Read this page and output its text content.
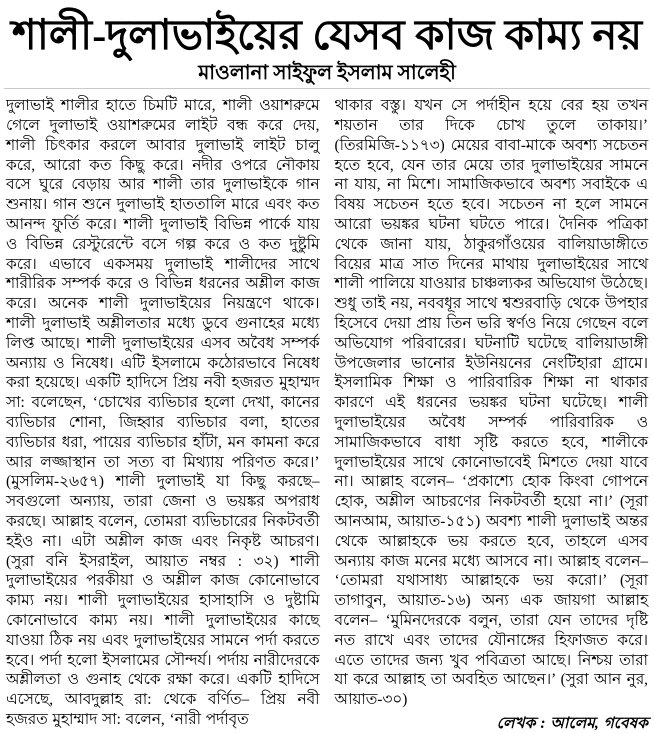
শালী-দুলাভাইয়ের যেসব কাজ কাম্য নয়
মাওলানা সাইফুল ইসলাম সালেহী
দুলাভাই শালীর হাতে চিমটি মারে, শালী ওয়াশরুমে গেলে দুলাভাই ওয়াশরুমের লাইট বন্ধ করে দেয়, শালী চিৎকার করলে আবার দুলাভাই লাইট চালু করে, আরো কত কিছু করে। নদীর ওপরে নৌকায় বসে ঘুরে বেড়ায় আর শালী তার দুলাভাইকে গান শুনায়। গান শুনে দুলাভাই হাততালি মারে এবং কত আনন্দ ফুর্তি করে। শালী দুলাভাই বিভিন্ন পার্কে যায় ও বিভিন্ন রেস্টুরেন্টে বসে গল্প করে ও কত দুষ্টুমি করে। এভাবে একসময় দুলাভাই শালীদের সাথে শারীরিক সম্পর্ক করে ও বিভিন্ন ধরনের অশ্লীল কাজ করে। অনেক শালী দুলাভাইয়ের নিয়ন্ত্রণে থাকে। শালী দুলাভাই অশ্লীলতার মধ্যে ডুবে গুনাহের মধ্যে লিপ্ত আছে। শালী দুলাভাইয়ের এসব অবৈধ সম্পর্ক অন্যায় ও নিষেধ। এটি ইসলামে কঠোরভাবে নিষেধ করা হয়েছে। একটি হাদিসে প্রিয় নবী হজরত মুহাম্মদ সা: বলেছেন, ‘চোখের ব্যভিচার হলো দেখা, কানের ব্যভিচার শোনা, জিহ্বার ব্যভিচার বলা, হাতের ব্যভিচার ধরা, পায়ের ব্যভিচার হাঁটা, মন কামনা করে আর লজ্জাস্থান তা সত্য বা মিথ্যায় পরিণত করে।’ (মুসলিম-২৬৫৭) শালী দুলাভাই যা কিছু করছে– সবগুলো অন্যায়, তারা জেনা ও ভয়ঙ্কর অপরাধ করছে। আল্লাহ বলেন, তোমরা ব্যভিচারের নিকটবর্তী হইও না। এটা অশ্লীল কাজ এবং নিকৃষ্ট আচরণ। (সুরা বনি ইসরাইল, আয়াত নম্বর : ৩২) শালী দুলাভাইয়ের পরকীয়া ও অশ্লীল কাজ কোনোভাবে কাম্য নয়। শালী দুলাভাইয়ের হাসাহাসি ও দুষ্টামি কোনোভাবে কাম্য নয়। শালী দুলাভাইয়ের কাছে যাওয়া ঠিক নয় এবং দুলাভাইয়ের সামনে পর্দা করতে হবে। পর্দা হলো ইসলামের সৌন্দর্য। পর্দায় নারীদেরকে অশ্লীলতা ও গুনাহ থেকে রক্ষা করে। একটি হাদিসে এসেছে, আবদুল্লাহ রা: থেকে বর্ণিত– প্রিয় নবী হজরত মুহাম্মাদ সা: বলেন, ‘নারী পর্দাবৃত
থাকার বস্তু। যখন সে পর্দাহীন হয়ে বের হয় তখন শয়তান তার দিকে চোখ তুলে তাকায়।’ (তিরমিজি-১১৭৩) মেয়ের বাবা-মাকে অবশ্য সচেতন হতে হবে, যেন তার মেয়ে তার দুলাভাইয়ের সামনে না যায়, না মিশে। সামাজিকভাবে অবশ্য সবাইকে এ বিষয় সচেতন হতে হবে। সচেতন না হলে সামনে আরো ভয়ঙ্কর ঘটনা ঘটতে পারে। দৈনিক পত্রিকা থেকে জানা যায়, ঠাকুরগাঁওয়ের বালিয়াডাঙ্গীতে বিয়ের মাত্র সাত দিনের মাথায় দুলাভাইয়ের সাথে শালী পালিয়ে যাওয়ার চাঞ্চল্যকর অভিযোগ উঠেছে। শুধু তাই নয়, নববধূর সাথে শ্বশুরবাড়ি থেকে উপহার হিসেবে দেয়া প্রায় তিন ভরি স্বর্ণও নিয়ে গেছেন বলে অভিযোগ পরিবারের। ঘটনাটি ঘটেছে বালিয়াডাঙ্গী উপজেলার ভানোর ইউনিয়নের নেংটিহারা গ্রামে। ইসলামিক শিক্ষা ও পারিবারিক শিক্ষা না থাকার কারণে এই ধরনের ভয়ঙ্কর ঘটনা ঘটেছে। শালী দুলাভাইয়ের অবৈধ সম্পর্ক পারিবারিক ও সামাজিকভাবে বাধা সৃষ্টি করতে হবে, শালীকে দুলাভাইয়ের সাথে কোনোভাবেই মিশতে দেয়া যাবে না। আল্লাহ বলেন– ‘প্রকাশ্যে হোক কিংবা গোপনে হোক, অশ্লীল আচরণের নিকটবর্তী হয়ো না।’ (সূরা আনআম, আয়াত-১৫১) অবশ্য শালী দুলাভাই অন্তর থেকে আল্লাহকে ভয় করতে হবে, তাহলে এসব অন্যায় কাজ মনের মধ্যে আসবে না। আল্লাহ বলেন– ‘তোমরা যথাসাধ্য আল্লাহকে ভয় করো।’ (সূরা তাগাবুন, আয়াত-১৬) অন্য এক জায়গা আল্লাহ বলেন– ‘মুমিনদেরকে বলুন, তারা যেন তাদের দৃষ্টি নত রাখে এবং তাদের যৌনাঙ্গের হিফাজত করে। এতে তাদের জন্য খুব পবিত্রতা আছে। নিশ্চয় তারা যা করে আল্লাহ তা অবহিত আছেন।’ (সুরা আন নুর, আয়াত-৩০)
লেখক : আলেম, গবেষক
